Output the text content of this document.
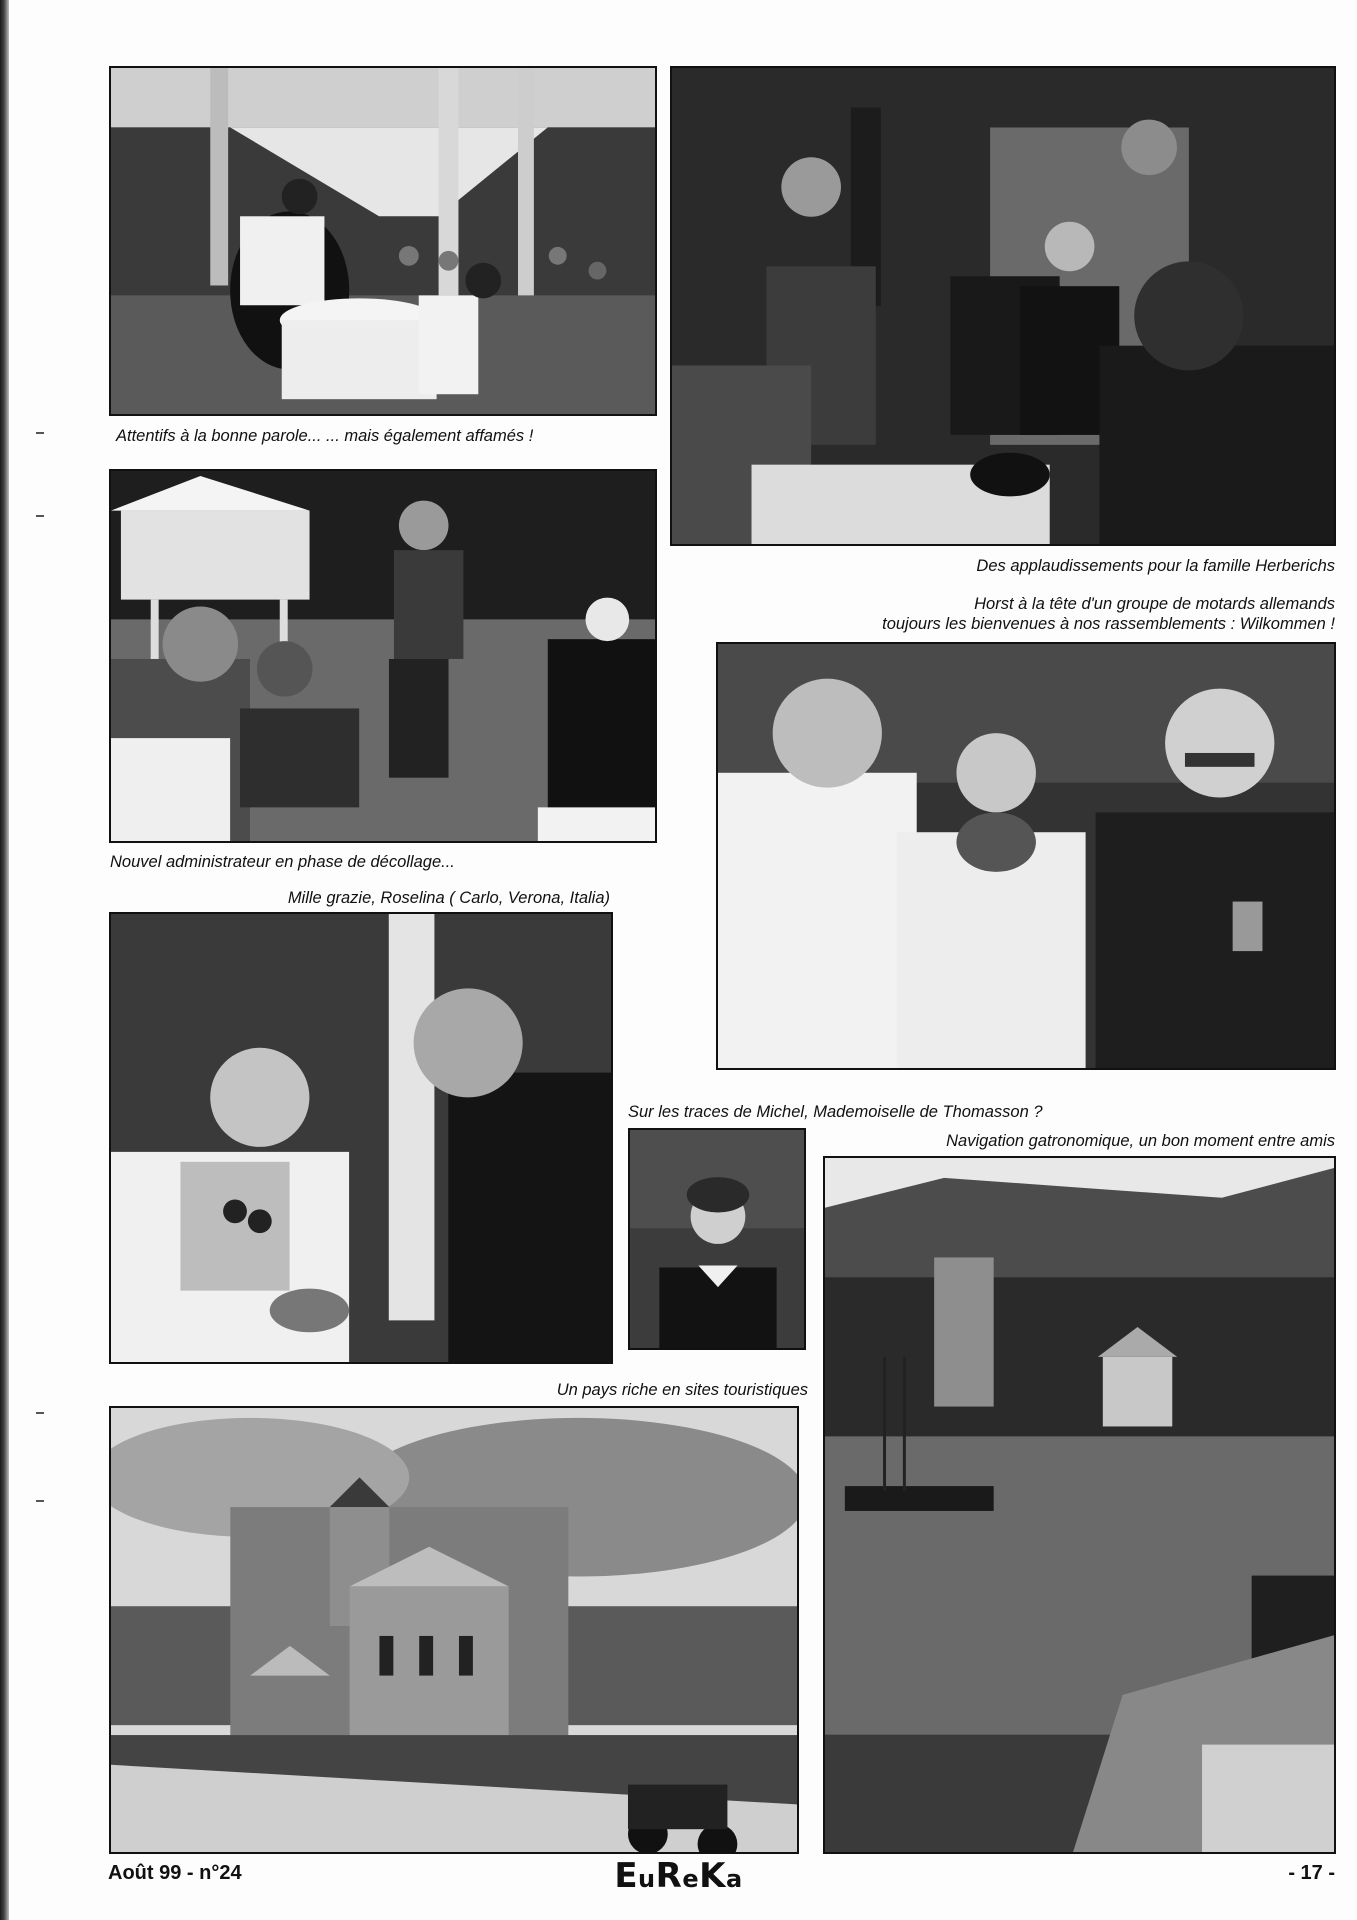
Attentifs à la bonne parole... ... mais également affamés !
Des applaudissements pour la famille Herberichs
Horst à la tête d'un groupe de motards allemands
toujours les bienvenues à nos rassemblements : Wilkommen !
Nouvel administrateur en phase de décollage...
Mille grazie, Roselina ( Carlo, Verona, Italia)
Sur les traces de Michel, Mademoiselle de Thomasson ?
Navigation gatronomique, un bon moment entre amis
Un pays riche en sites touristiques
Août 99 - n°24	EuReKa	- 17 -
